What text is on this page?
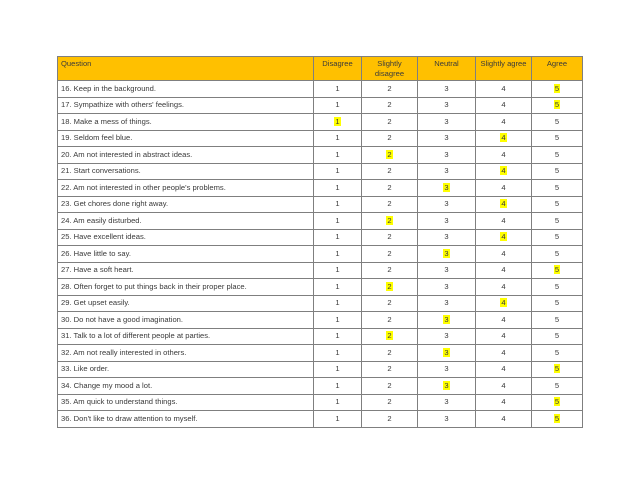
Question	Disagree	Slightly disagree	Neutral	Slightly agree	Agree
16. Keep in the background.	1	2	3	4	5
17. Sympathize with others' feelings.	1	2	3	4	5
18. Make a mess of things.	1	2	3	4	5
19. Seldom feel blue.	1	2	3	4	5
20. Am not interested in abstract ideas.	1	2	3	4	5
21. Start conversations.	1	2	3	4	5
22. Am not interested in other people's problems.	1	2	3	4	5
23. Get chores done right away.	1	2	3	4	5
24. Am easily disturbed.	1	2	3	4	5
25. Have excellent ideas.	1	2	3	4	5
26. Have little to say.	1	2	3	4	5
27. Have a soft heart.	1	2	3	4	5
28. Often forget to put things back in their proper place.	1	2	3	4	5
29. Get upset easily.	1	2	3	4	5
30. Do not have a good imagination.	1	2	3	4	5
31. Talk to a lot of different people at parties.	1	2	3	4	5
32. Am not really interested in others.	1	2	3	4	5
33. Like order.	1	2	3	4	5
34. Change my mood a lot.	1	2	3	4	5
35. Am quick to understand things.	1	2	3	4	5
36. Don't like to draw attention to myself.	1	2	3	4	5
